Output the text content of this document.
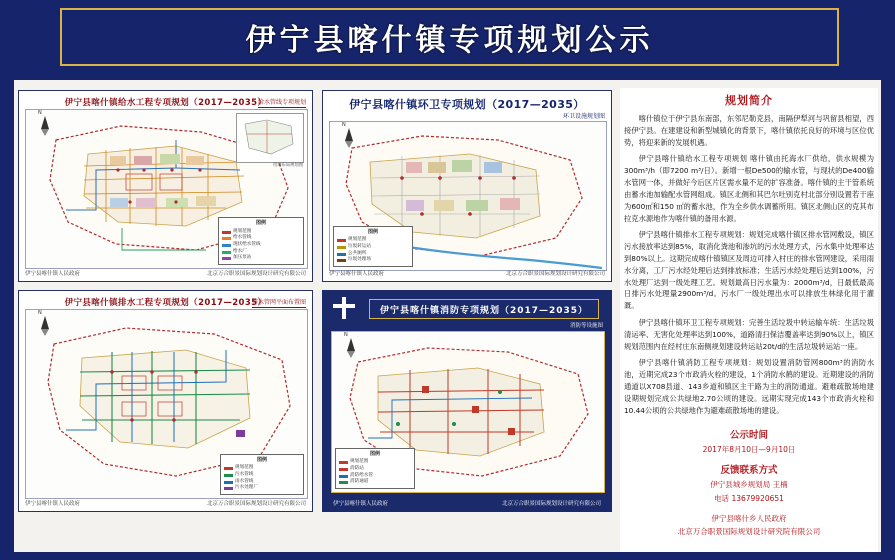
伊宁县喀什镇专项规划公示
伊宁县喀什镇给水工程专项规划（2017—2035）
给水管线专项规划
用地布局规划图
N
图例
规划范围
给水管线
现状给水管线
给水厂
加压泵站
伊宁县喀什镇人民政府	北京万合职景国际规划设计研究有限公司
伊宁县喀什镇排水工程专项规划（2017—2035）
排水管网平面布置图
N
图例
规划范围
污水管线
雨水管线
污水处理厂
伊宁县喀什镇人民政府	北京万合职景国际规划设计研究有限公司
伊宁县喀什镇环卫专项规划（2017—2035）
环卫设施规划图
N
图例
规划范围
垃圾转运站
公共厕所
垃圾处理场
伊宁县喀什镇人民政府	北京万合职景国际规划设计研究有限公司
伊宁县喀什镇消防专项规划（2017—2035）
消防等设施图
N
图例
规划范围
消防站
消防给水管
消防通道
伊宁县喀什镇人民政府	北京万合职景国际规划设计研究有限公司
规划简介

喀什镇位于伊宁县东南部，东邻尼勒克县，南隔伊犁河与巩留县相望，西接伊宁县。在建建设和新型城镇化的背景下，喀什镇依托良好的环境与区位优势，将迎来新的发展机遇。

伊宁县喀什镇给水工程专项规划 喀什镇由托海水厂供给，供水规模为300m³/h（即7200 m³/日）。新增一根De500的输水管，与现状的De400输水管网一体，并做好今后区片区需水量不足的扩容准备。喀什镇的主干管系统由蓄水池加输配水管网组成。镇区北侧和其巴尔吐别克村北部分别设置若干座为600㎡和150 ㎡的蓄水池，作为全乡供水调蓄所用。镇区北侧山区的克其布拉克水源地作为喀什镇的备用水源。

伊宁县喀什镇排水工程专项规划：规划完成喀什镇区排水管网敷设，镇区污水接放率达到85%，取消化粪池和渗坑的污水处理方式，污水集中处理率达到80%以上。这期完成喀什镇镇区及周边可排入村庄的排水管网建设，采用雨水分离，工厂污水经处理后达到排放标准；生活污水经处理后达到100%，污水处理厂达到一级处理工艺。规划最高日污水量为：2000m³/d，日最低最高日排污水处理量2900m³/d。污水厂一级处理出水可以排放生林绿化用于灌溉。

伊宁县喀什镇环卫工程专项规划：完善生活垃圾中转运输车统：生活垃圾清运率、无害化处理率达到100%，道路清扫保洁覆盖率达到90%以上，镇区规划范围内在经村庄东南侧规划建设转运站20t/d的生活垃圾转运站一座。

伊宁县喀什镇消防工程专项规划：规划设置消防管网800m³的消防水池，近期完成23个市政消火栓的建设，1个消防水鹤的建设。近期建设的消防通道以X708县道、143乡道和镇区主干路为主的消防通道。避难疏散场地建设期规划完成公共绿地2.70公顷的建设。远期实现完成143个市政消火栓和10.44公顷的公共绿地作为避难疏散场地的建设。

公示时间
2017年8月10日—9月10日
反馈联系方式
伊宁县城乡规划局 王楠
电话 13679920651
伊宁县喀什乡人民政府
北京万合职景国际规划设计研究院有限公司
